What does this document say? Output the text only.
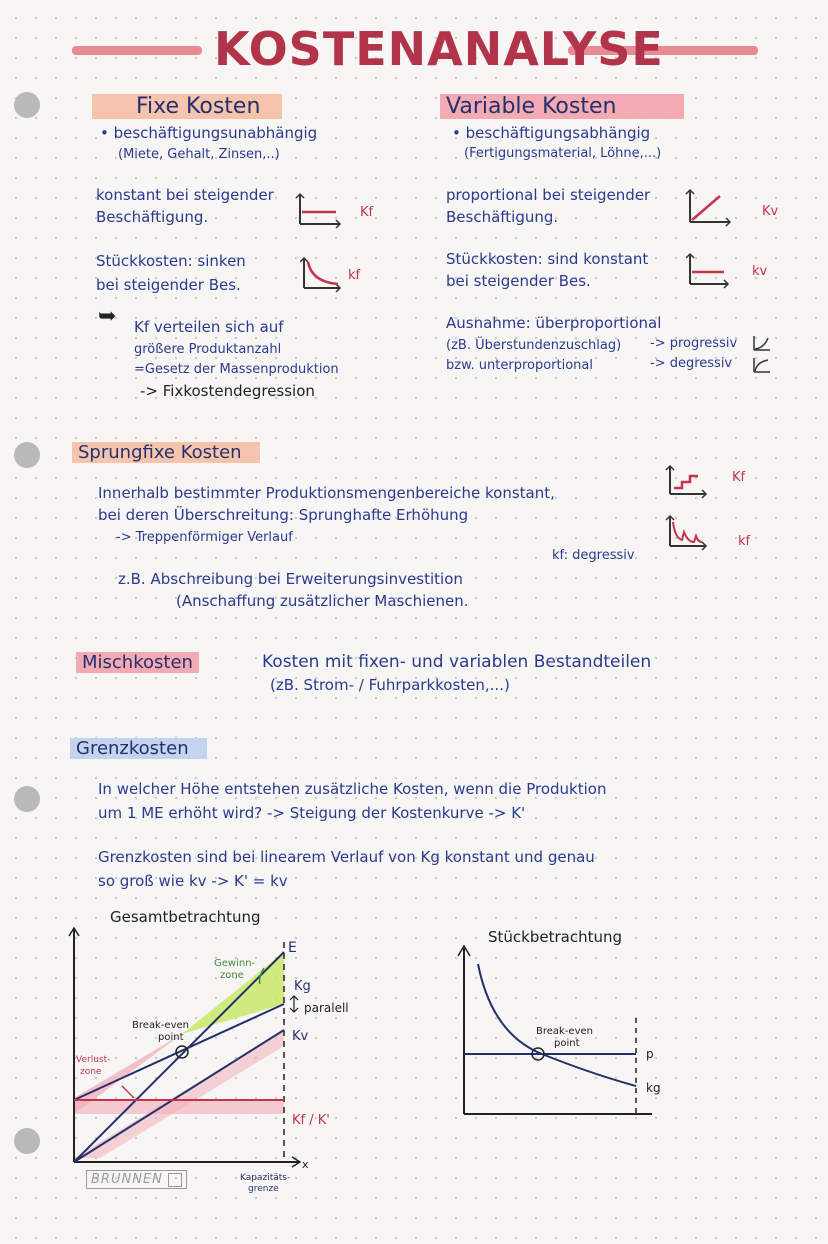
KOSTENANALYSE
Fixe Kosten
• beschäftigungsunabhängig
(Miete, Gehalt, Zinsen,..)
konstant bei steigender
Beschäftigung.	Kf
Stückkosten: sinken
bei steigender Bes.
kf
➥ Kf verteilen sich auf
größere Produktanzahl
=Gesetz der Massenproduktion
-> Fixkostendegression
Variable Kosten
• beschäftigungsabhängig
(Fertigungsmaterial, Löhne,...)
proportional bei steigender
Beschäftigung.	Kv
Stückkosten: sind konstant
bei steigender Bes.
kv
Ausnahme: überproportional
(zB. Überstundenzuschlag) -> progressiv
bzw. unterproportional	-> degressiv
Sprungfixe Kosten
Innerhalb bestimmter Produktionsmengenbereiche konstant,
bei deren Überschreitung: Sprunghafte Erhöhung
-> Treppenförmiger Verlauf
Kf
kf
kf: degressiv
z.B. Abschreibung bei Erweiterungsinvestition
(Anschaffung zusätzlicher Maschienen.
Mischkosten	Kosten mit fixen- und variablen Bestandteilen
(zB. Strom- / Fuhrparkkosten,...)
Grenzkosten
In welcher Höhe entstehen zusätzliche Kosten, wenn die Produktion
um 1 ME erhöht wird? -> Steigung der Kostenkurve -> K'
Grenzkosten sind bei linearem Verlauf von Kg konstant und genau
so groß wie kv -> K' = kv
Gesamtbetrachtung
E
Gewinn-
zone
Kg
paralell
Kv
Break-even
point
Verlust-
zone
Kf / K'
Kapazitäts-
grenze
x
BRUNNEN
Stückbetrachtung
Break-even
point
p
kg
